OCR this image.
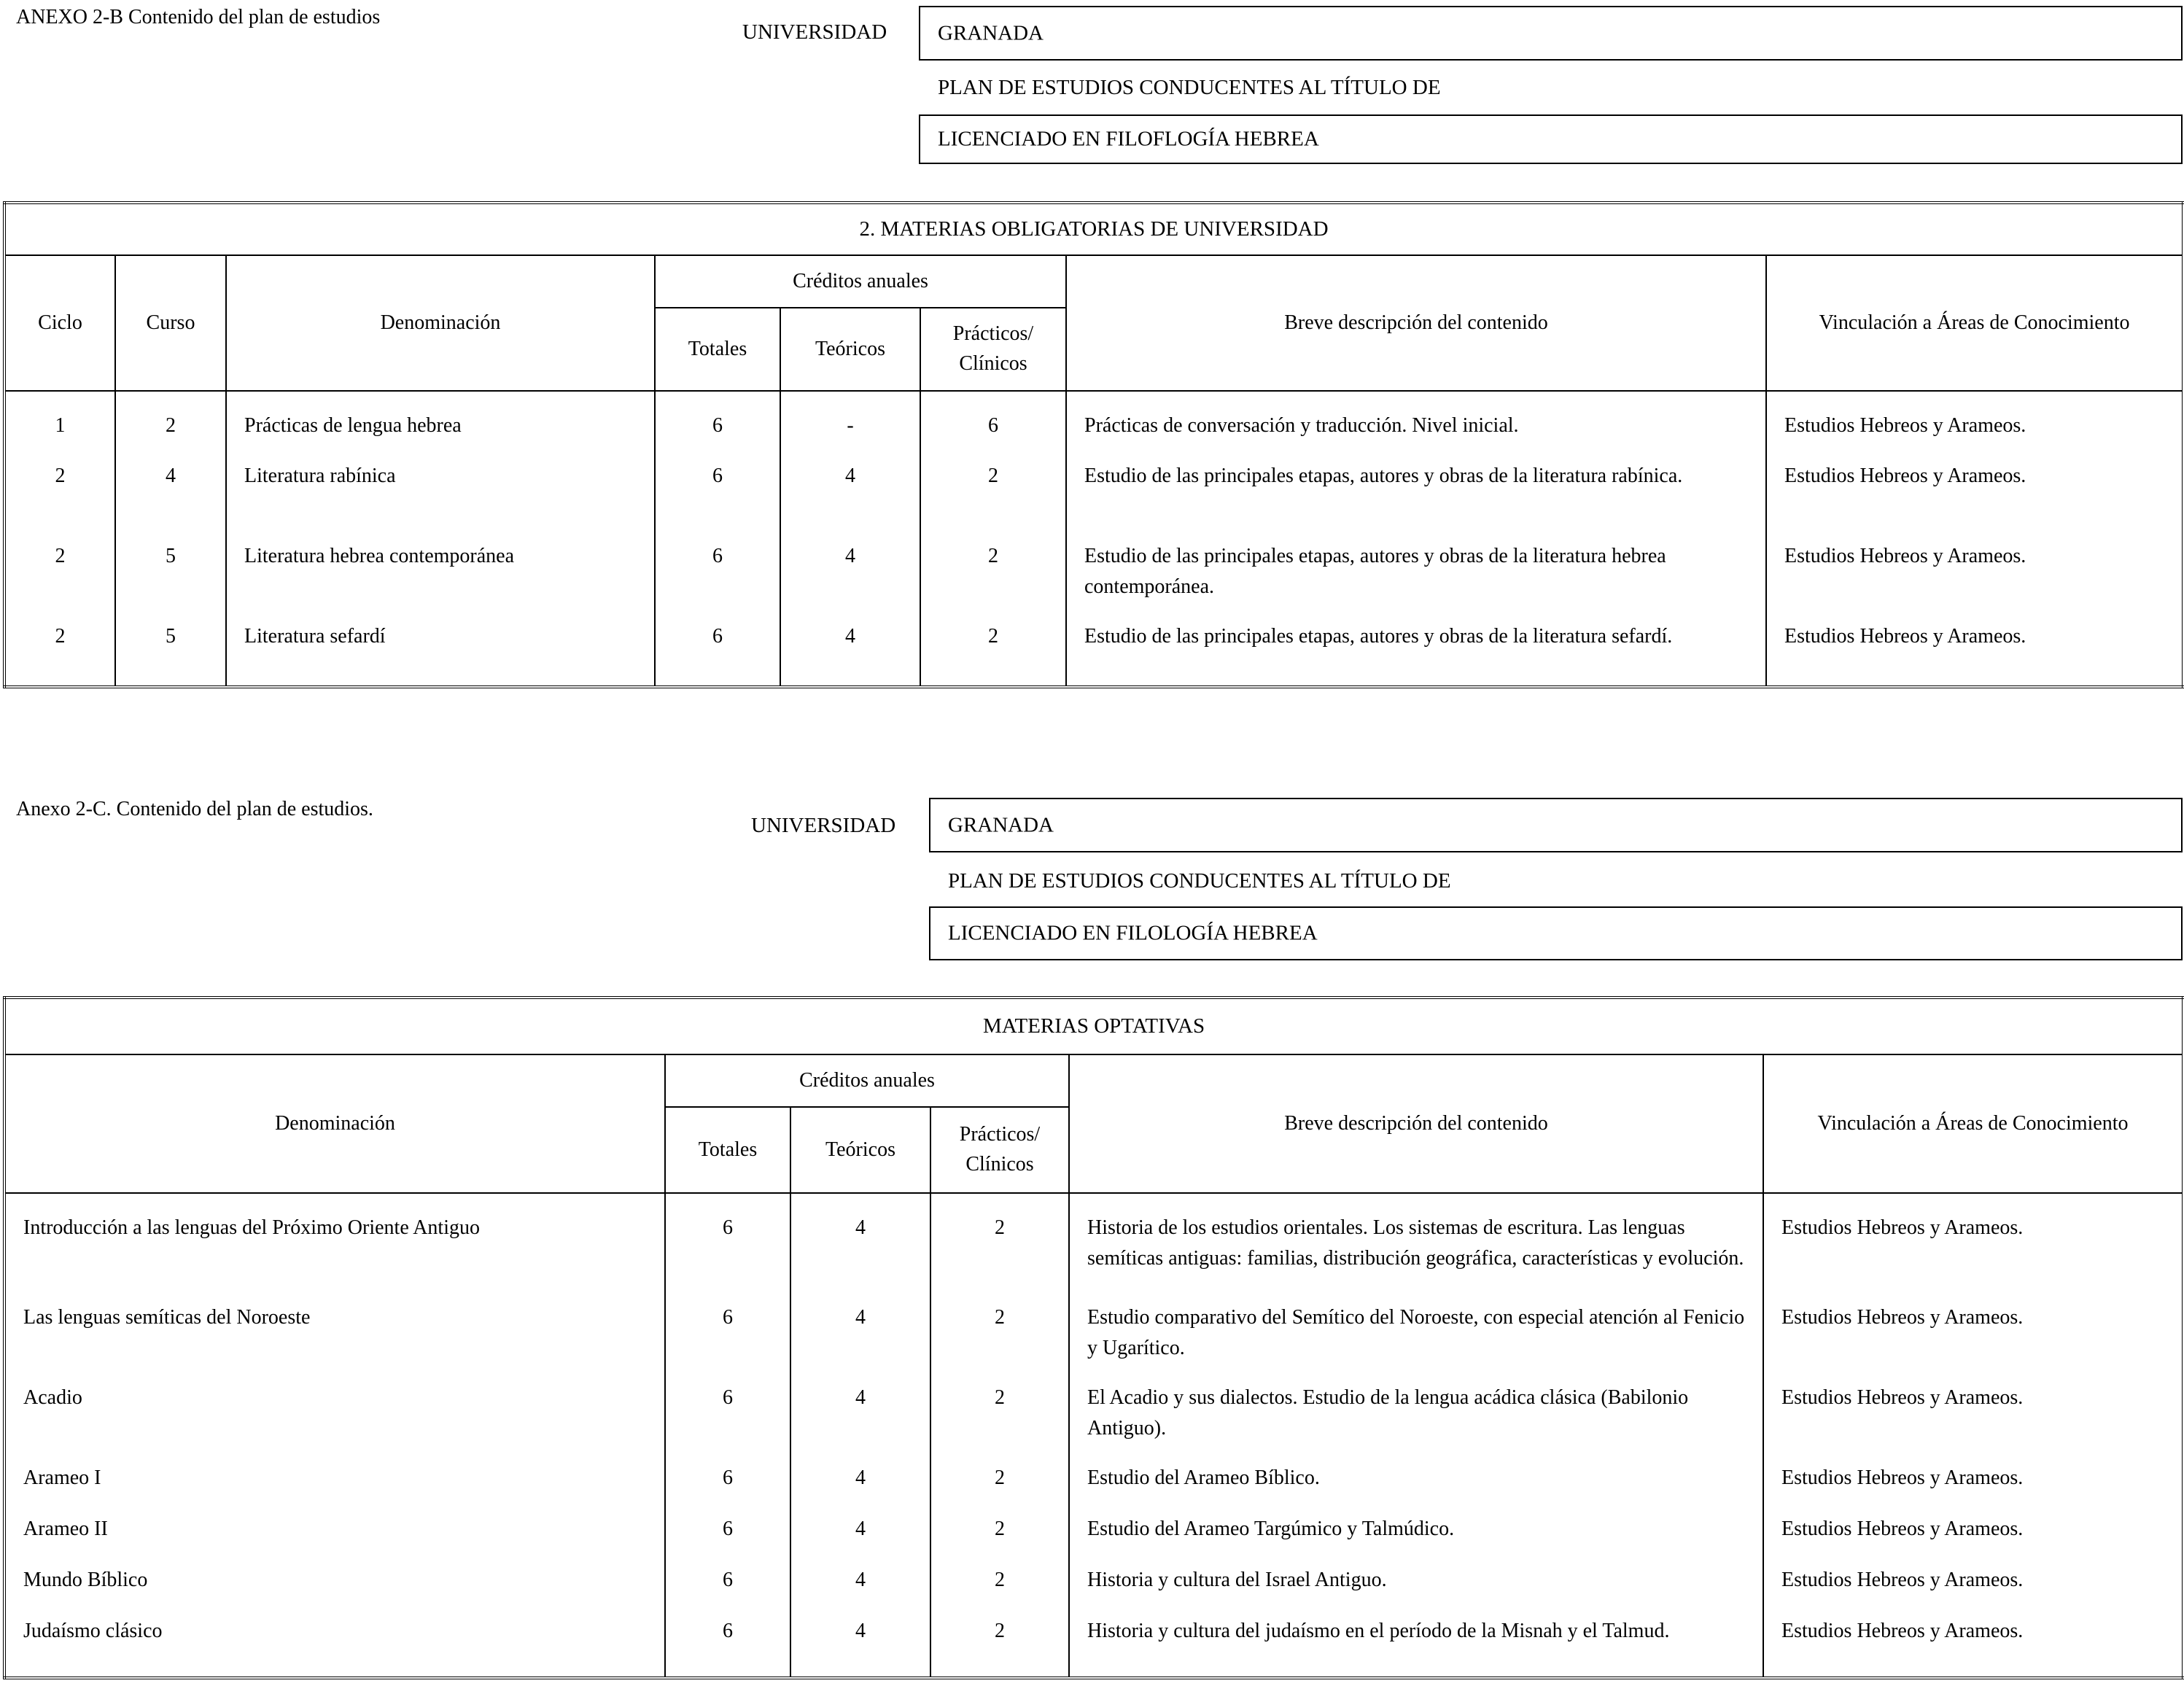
ANEXO 2-B Contenido del plan de estudios
UNIVERSIDAD GRANADA
PLAN DE ESTUDIOS CONDUCENTES AL TÍTULO DE
LICENCIADO EN FILOFLOGÍA HEBREA
2. MATERIAS OBLIGATORIAS DE UNIVERSIDAD							
Ciclo	Curso	Denominación	Créditos anuales			Breve descripción del contenido	Vinculación a Áreas de Conocimiento
			Totales	Teóricos	Prácticos/ Clínicos		
1	2	Prácticas de lengua hebrea	6	-	6	Prácticas de conversación y traducción. Nivel inicial.	Estudios Hebreos y Arameos.
2	4	Literatura rabínica	6	4	2	Estudio de las principales etapas, autores y obras de la literatura rabínica.	Estudios Hebreos y Arameos.
2	5	Literatura hebrea contemporánea	6	4	2	Estudio de las principales etapas, autores y obras de la literatura hebrea contemporánea.	Estudios Hebreos y Arameos.
2	5	Literatura sefardí	6	4	2	Estudio de las principales etapas, autores y obras de la literatura sefardí.	Estudios Hebreos y Arameos.
Anexo 2-C. Contenido del plan de estudios.
UNIVERSIDAD GRANADA
PLAN DE ESTUDIOS CONDUCENTES AL TÍTULO DE
LICENCIADO EN FILOLOGÍA HEBREA
MATERIAS OPTATIVAS					
Denominación	Créditos anuales			Breve descripción del contenido	Vinculación a Áreas de Conocimiento
	Totales	Teóricos	Prácticos/ Clínicos		
Introducción a las lenguas del Próximo Oriente Antiguo	6	4	2	Historia de los estudios orientales. Los sistemas de escritura. Las lenguas semíticas antiguas: familias, distribución geográfica, características y evolución.	Estudios Hebreos y Arameos.
Las lenguas semíticas del Noroeste	6	4	2	Estudio comparativo del Semítico del Noroeste, con especial atención al Fenicio y Ugarítico.	Estudios Hebreos y Arameos.
Acadio	6	4	2	El Acadio y sus dialectos. Estudio de la lengua acádica clásica (Babilonio Antiguo).	Estudios Hebreos y Arameos.
Arameo I	6	4	2	Estudio del Arameo Bíblico.	Estudios Hebreos y Arameos.
Arameo II	6	4	2	Estudio del Arameo Targúmico y Talmúdico.	Estudios Hebreos y Arameos.
Mundo Bíblico	6	4	2	Historia y cultura del Israel Antiguo.	Estudios Hebreos y Arameos.
Judaísmo clásico	6	4	2	Historia y cultura del judaísmo en el período de la Misnah y el Talmud.	Estudios Hebreos y Arameos.
